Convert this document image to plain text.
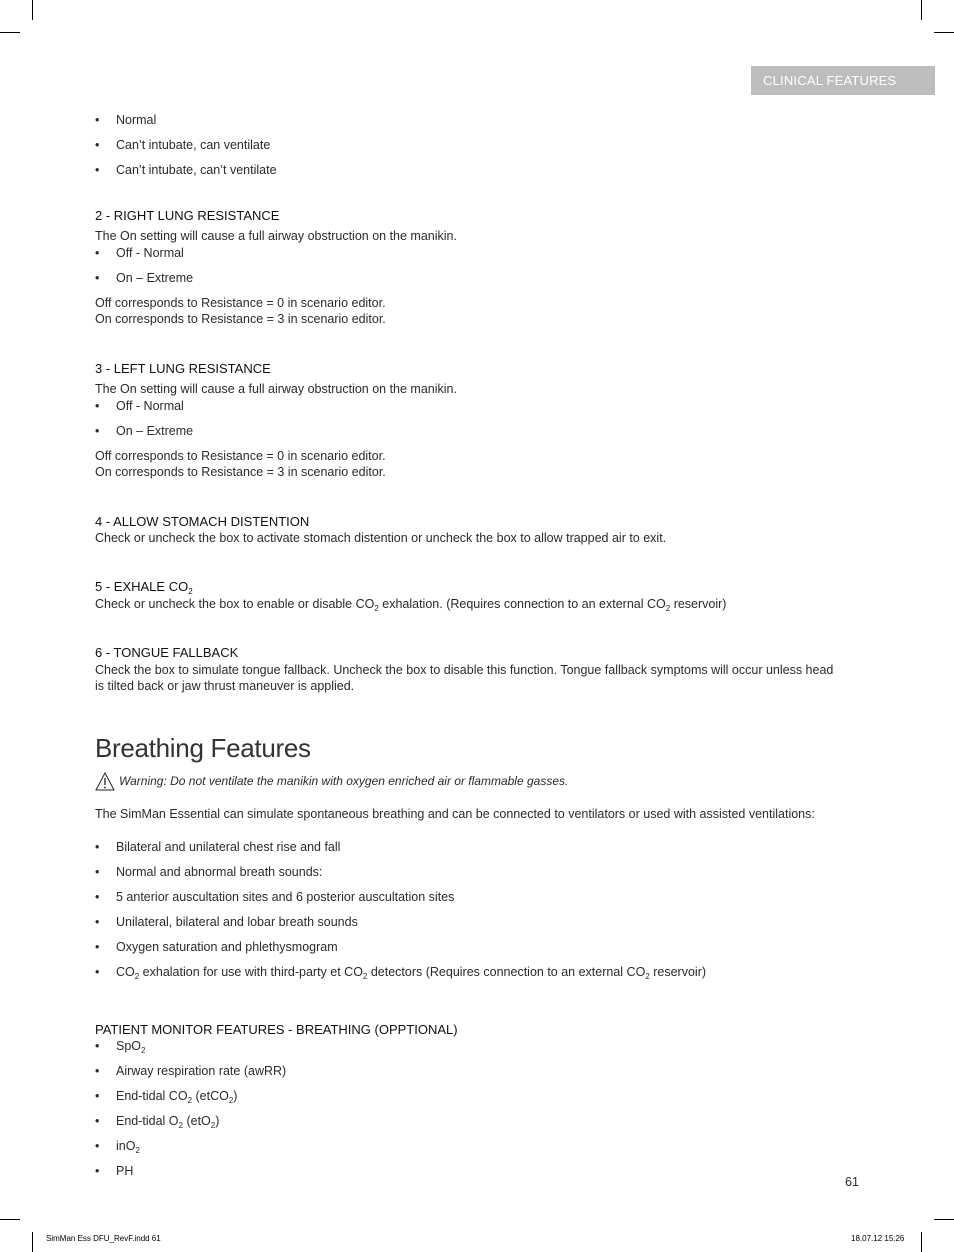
CLINICAL FEATURES
• Normal
• Can’t intubate, can ventilate
• Can’t intubate, can’t ventilate
2 - RIGHT LUNG RESISTANCE
The On setting will cause a full airway obstruction on the manikin.
• Off - Normal
• On – Extreme
Off corresponds to Resistance = 0 in scenario editor.
On corresponds to Resistance = 3 in scenario editor.
3 - LEFT LUNG RESISTANCE
The On setting will cause a full airway obstruction on the manikin.
• Off - Normal
• On – Extreme
Off corresponds to Resistance = 0 in scenario editor.
On corresponds to Resistance = 3 in scenario editor.
4 - ALLOW STOMACH DISTENTION
Check or uncheck the box to activate stomach distention or uncheck the box to allow trapped air to exit.
5 - EXHALE $CO_2$
Check or uncheck the box to enable or disable $CO_2$ exhalation. (Requires connection to an external $CO_2$ reservoir)
6 - TONGUE FALLBACK
Check the box to simulate tongue fallback. Uncheck the box to disable this function. Tongue fallback symptoms will occur unless head
is tilted back or jaw thrust maneuver is applied.
Breathing Features
Warning: Do not ventilate the manikin with oxygen enriched air or flammable gasses.
The SimMan Essential can simulate spontaneous breathing and can be connected to ventilators or used with assisted ventilations:
• Bilateral and unilateral chest rise and fall
• Normal and abnormal breath sounds:
• 5 anterior auscultation sites and 6 posterior auscultation sites
• Unilateral, bilateral and lobar breath sounds
• Oxygen saturation and phlethysmogram
• $CO_2$ exhalation for use with third-party et $CO_2$ detectors (Requires connection to an external $CO_2$ reservoir)
PATIENT MONITOR FEATURES - BREATHING (OPPTIONAL)
• SpO$_2$
• Airway respiration rate (awRR)
• End-tidal $CO_2$ (etCO$_2$)
• End-tidal $O_2$ (etO$_2$)
• inO$_2$
• PH
61
SimMan Ess DFU_RevF.indd 61	18.07.12 15:26
